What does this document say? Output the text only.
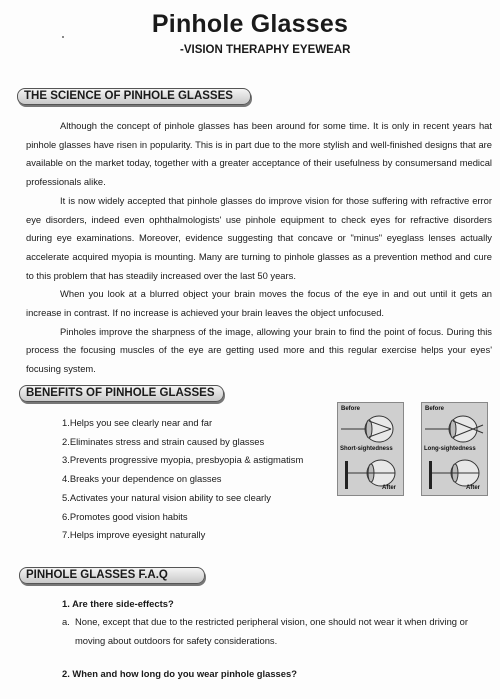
Pinhole Glasses
-VISION THERAPHY EYEWEAR
THE SCIENCE OF PINHOLE GLASSES

Although the concept of pinhole glasses has been around for some time. It is only in recent years hat pinhole glasses have risen in popularity. This is in part due to the more stylish and well-finished designs that are available on the market today, together with a greater acceptance of their usefulness by consumersand medical professionals alike.

It is now widely accepted that pinhole glasses do improve vision for those suffering with refractive error eye disorders, indeed even ophthalmologists' use pinhole equipment to check eyes for refractive disorders during eye examinations. Moreover, evidence suggesting that concave or "minus" eyeglass lenses actually accelerate acquired myopia is mounting. Many are turning to pinhole glasses as a prevention method and cure to this problem that has steadily increased over the last 50 years.

When you look at a blurred object your brain moves the focus of the eye in and out until it gets an increase in contrast. If no increase is achieved your brain leaves the object unfocused.

Pinholes improve the sharpness of the image, allowing your brain to find the point of focus. During this process the focusing muscles of the eye are getting used more and this regular exercise helps your eyes' focusing system.

BENEFITS OF PINHOLE GLASSES
1.Helps you see clearly near and far
2.Eliminates stress and strain caused by glasses
3.Prevents progressive myopia, presbyopia & astigmatism
4.Breaks your dependence on glasses
5.Activates your natural vision ability to see clearly
6.Promotes good vision habits
7.Helps improve eyesight naturally
Before
Short-sightedness
After
Before
Long-sightedness
After
PINHOLE GLASSES F.A.Q
1. Are there side-effects?
a. None, except that due to the restricted peripheral vision, one should not wear it when driving or moving about outdoors for safety considerations.
2. When and how long do you wear pinhole glasses?
